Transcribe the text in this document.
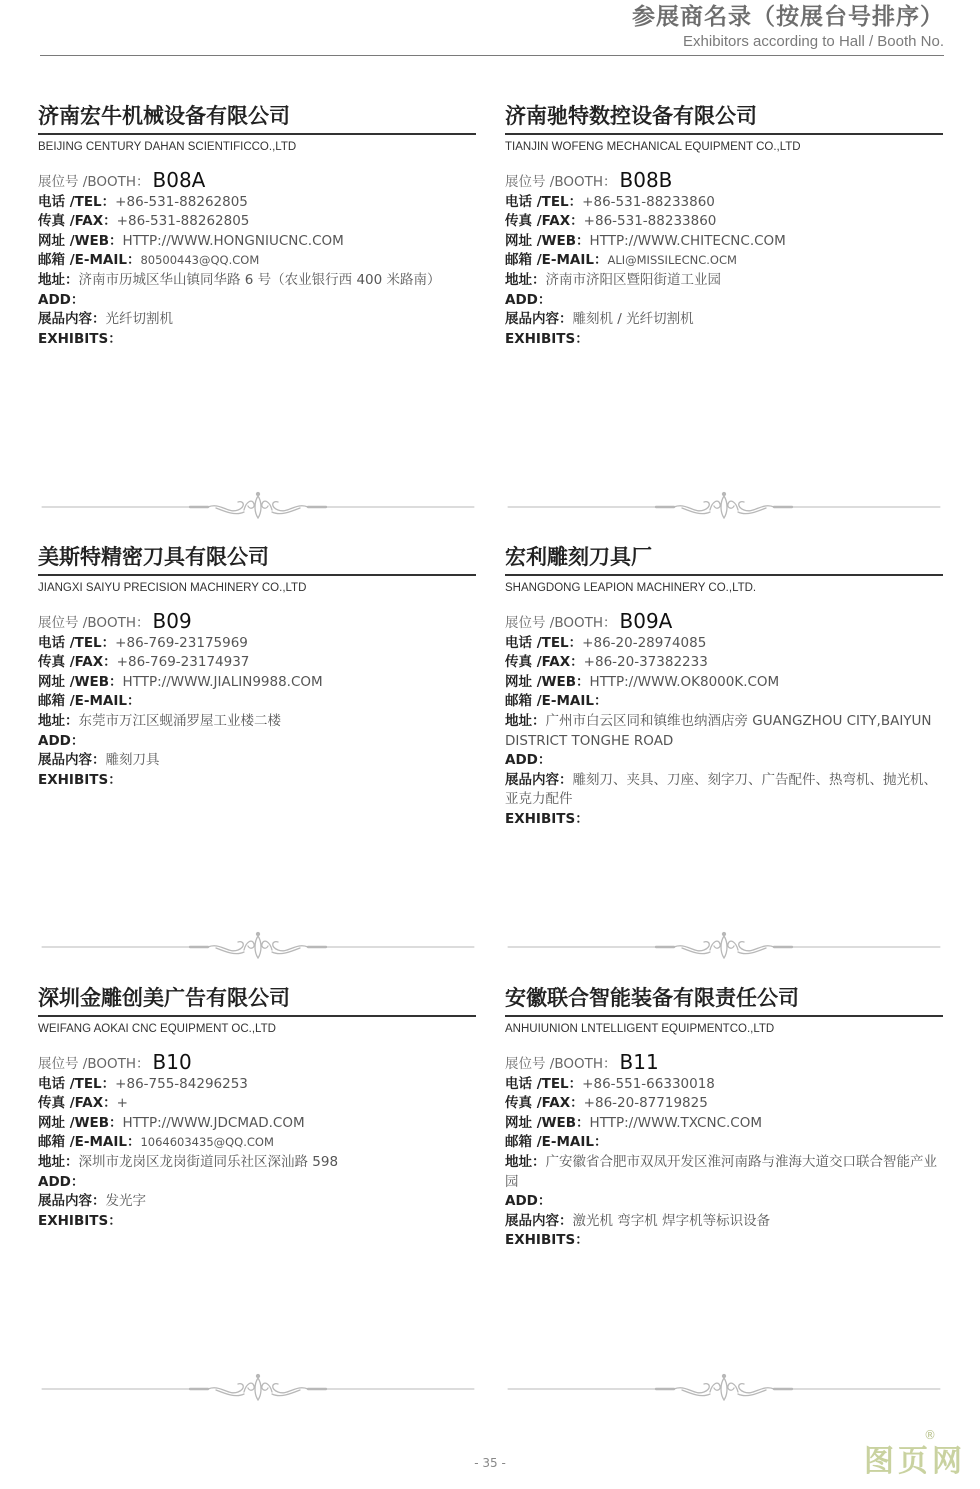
参展商名录（按展台号排序）
Exhibitors according to Hall / Booth No.
济南宏牛机械设备有限公司
BEIJING CENTURY DAHAN SCIENTIFICCO.,LTD
展位号 /BOOTH： B08A
电话 /TEL：+86-531-88262805
传真 /FAX：+86-531-88262805
网址 /WEB：HTTP://WWW.HONGNIUCNC.COM
邮箱 /E-MAIL：80500443@QQ.COM
地址：济南市历城区华山镇同华路 6 号（农业银行西 400 米路南）
ADD：
展品内容：光纤切割机
EXHIBITS：
济南驰特数控设备有限公司
TIANJIN WOFENG MECHANICAL EQUIPMENT CO.,LTD
展位号 /BOOTH： B08B
电话 /TEL：+86-531-88233860
传真 /FAX：+86-531-88233860
网址 /WEB：HTTP://WWW.CHITECNC.COM
邮箱 /E-MAIL：ALI@MISSILECNC.OCM
地址：济南市济阳区暨阳街道工业园
ADD：
展品内容：雕刻机 / 光纤切割机
EXHIBITS：
美斯特精密刀具有限公司
JIANGXI SAIYU PRECISION MACHINERY CO.,LTD
展位号 /BOOTH： B09
电话 /TEL：+86-769-23175969
传真 /FAX：+86-769-23174937
网址 /WEB：HTTP://WWW.JIALIN9988.COM
邮箱 /E-MAIL：
地址：东莞市万江区蚬涌罗屋工业楼二楼
ADD：
展品内容：雕刻刀具
EXHIBITS：
宏利雕刻刀具厂
SHANGDONG LEAPION MACHINERY CO.,LTD.
展位号 /BOOTH： B09A
电话 /TEL：+86-20-28974085
传真 /FAX：+86-20-37382233
网址 /WEB：HTTP://WWW.OK8000K.COM
邮箱 /E-MAIL：
地址：广州市白云区同和镇维也纳酒店旁 GUANGZHOU CITY,BAIYUN DISTRICT TONGHE ROAD
ADD：
展品内容：雕刻刀、夹具、刀座、刻字刀、广告配件、热弯机、抛光机、亚克力配件
EXHIBITS：
深圳金雕创美广告有限公司
WEIFANG AOKAI CNC EQUIPMENT OC.,LTD
展位号 /BOOTH： B10
电话 /TEL：+86-755-84296253
传真 /FAX：+
网址 /WEB：HTTP://WWW.JDCMAD.COM
邮箱 /E-MAIL：1064603435@QQ.COM
地址：深圳市龙岗区龙岗街道同乐社区深汕路 598
ADD：
展品内容：发光字
EXHIBITS：
安徽联合智能装备有限责任公司
ANHUIUNION LNTELLIGENT EQUIPMENTCO.,LTD
展位号 /BOOTH： B11
电话 /TEL：+86-551-66330018
传真 /FAX：+86-20-87719825
网址 /WEB：HTTP://WWW.TXCNC.COM
邮箱 /E-MAIL：
地址：广安徽省合肥市双凤开发区淮河南路与淮海大道交口联合智能产业园
ADD：
展品内容：激光机 弯字机 焊字机等标识设备
EXHIBITS：
- 35 -	图页网
®
